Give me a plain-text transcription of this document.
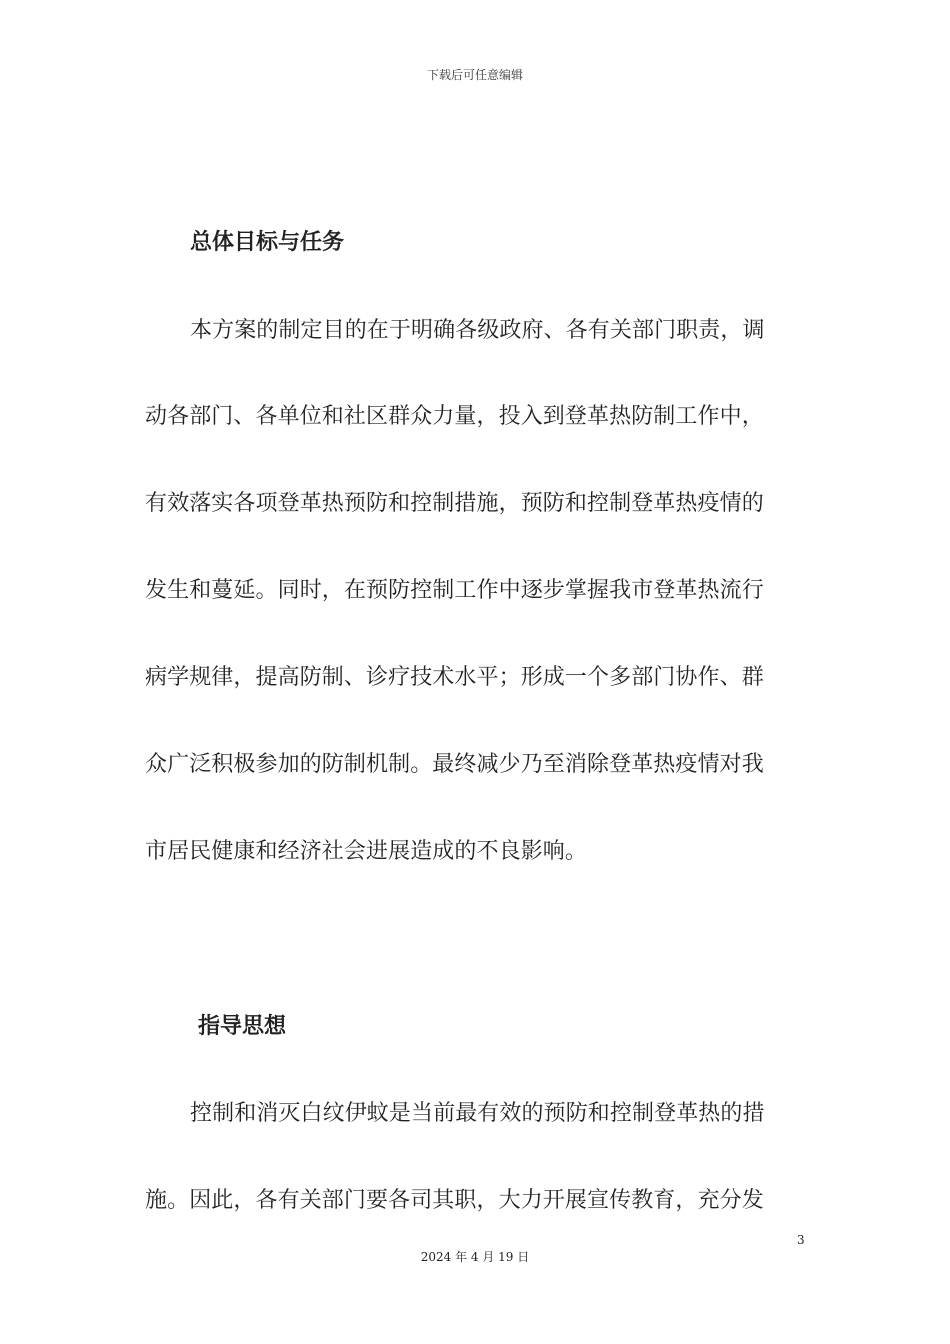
下载后可任意编辑
总体目标与任务
本方案的制定目的在于明确各级政府、各有关部门职责，调
动各部门、各单位和社区群众力量，投入到登革热防制工作中，
有效落实各项登革热预防和控制措施，预防和控制登革热疫情的
发生和蔓延。同时，在预防控制工作中逐步掌握我市登革热流行
病学规律，提高防制、诊疗技术水平；形成一个多部门协作、群
众广泛积极参加的防制机制。最终减少乃至消除登革热疫情对我
市居民健康和经济社会进展造成的不良影响。
指导思想
控制和消灭白纹伊蚊是当前最有效的预防和控制登革热的措
施。因此，各有关部门要各司其职，大力开展宣传教育，充分发
3
2024 年 4 月 19 日
